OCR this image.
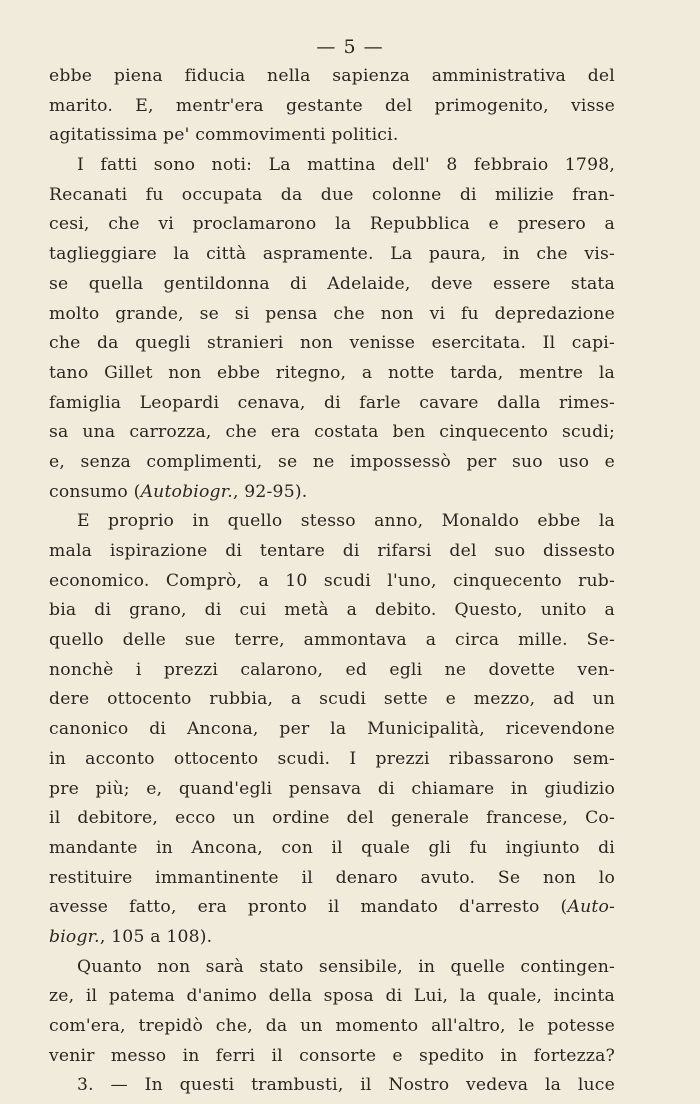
— 5 —
ebbe piena fiducia nella sapienza amministrativa del
marito. E, mentr'era gestante del primogenito, visse
agitatissima pe' commovimenti politici.
I fatti sono noti: La mattina dell' 8 febbraio 1798,
Recanati fu occupata da due colonne di milizie fran-
cesi, che vi proclamarono la Repubblica e presero a
taglieggiare la città aspramente. La paura, in che vis-
se quella gentildonna di Adelaide, deve essere stata
molto grande, se si pensa che non vi fu depredazione
che da quegli stranieri non venisse esercitata. Il capi-
tano Gillet non ebbe ritegno, a notte tarda, mentre la
famiglia Leopardi cenava, di farle cavare dalla rimes-
sa una carrozza, che era costata ben cinquecento scudi;
e, senza complimenti, se ne impossessò per suo uso e
consumo (Autobiogr., 92-95).
E proprio in quello stesso anno, Monaldo ebbe la
mala ispirazione di tentare di rifarsi del suo dissesto
economico. Comprò, a 10 scudi l'uno, cinquecento rub-
bia di grano, di cui metà a debito. Questo, unito a
quello delle sue terre, ammontava a circa mille. Se-
nonchè i prezzi calarono, ed egli ne dovette ven-
dere ottocento rubbia, a scudi sette e mezzo, ad un
canonico di Ancona, per la Municipalità, ricevendone
in acconto ottocento scudi. I prezzi ribassarono sem-
pre più; e, quand'egli pensava di chiamare in giudizio
il debitore, ecco un ordine del generale francese, Co-
mandante in Ancona, con il quale gli fu ingiunto di
restituire immantinente il denaro avuto. Se non lo
avesse fatto, era pronto il mandato d'arresto (Auto-
biogr., 105 a 108).
Quanto non sarà stato sensibile, in quelle contingen-
ze, il patema d'animo della sposa di Lui, la quale, incinta
com'era, trepidò che, da un momento all'altro, le potesse
venir messo in ferri il consorte e spedito in fortezza?
3. — In questi trambusti, il Nostro vedeva la luce
